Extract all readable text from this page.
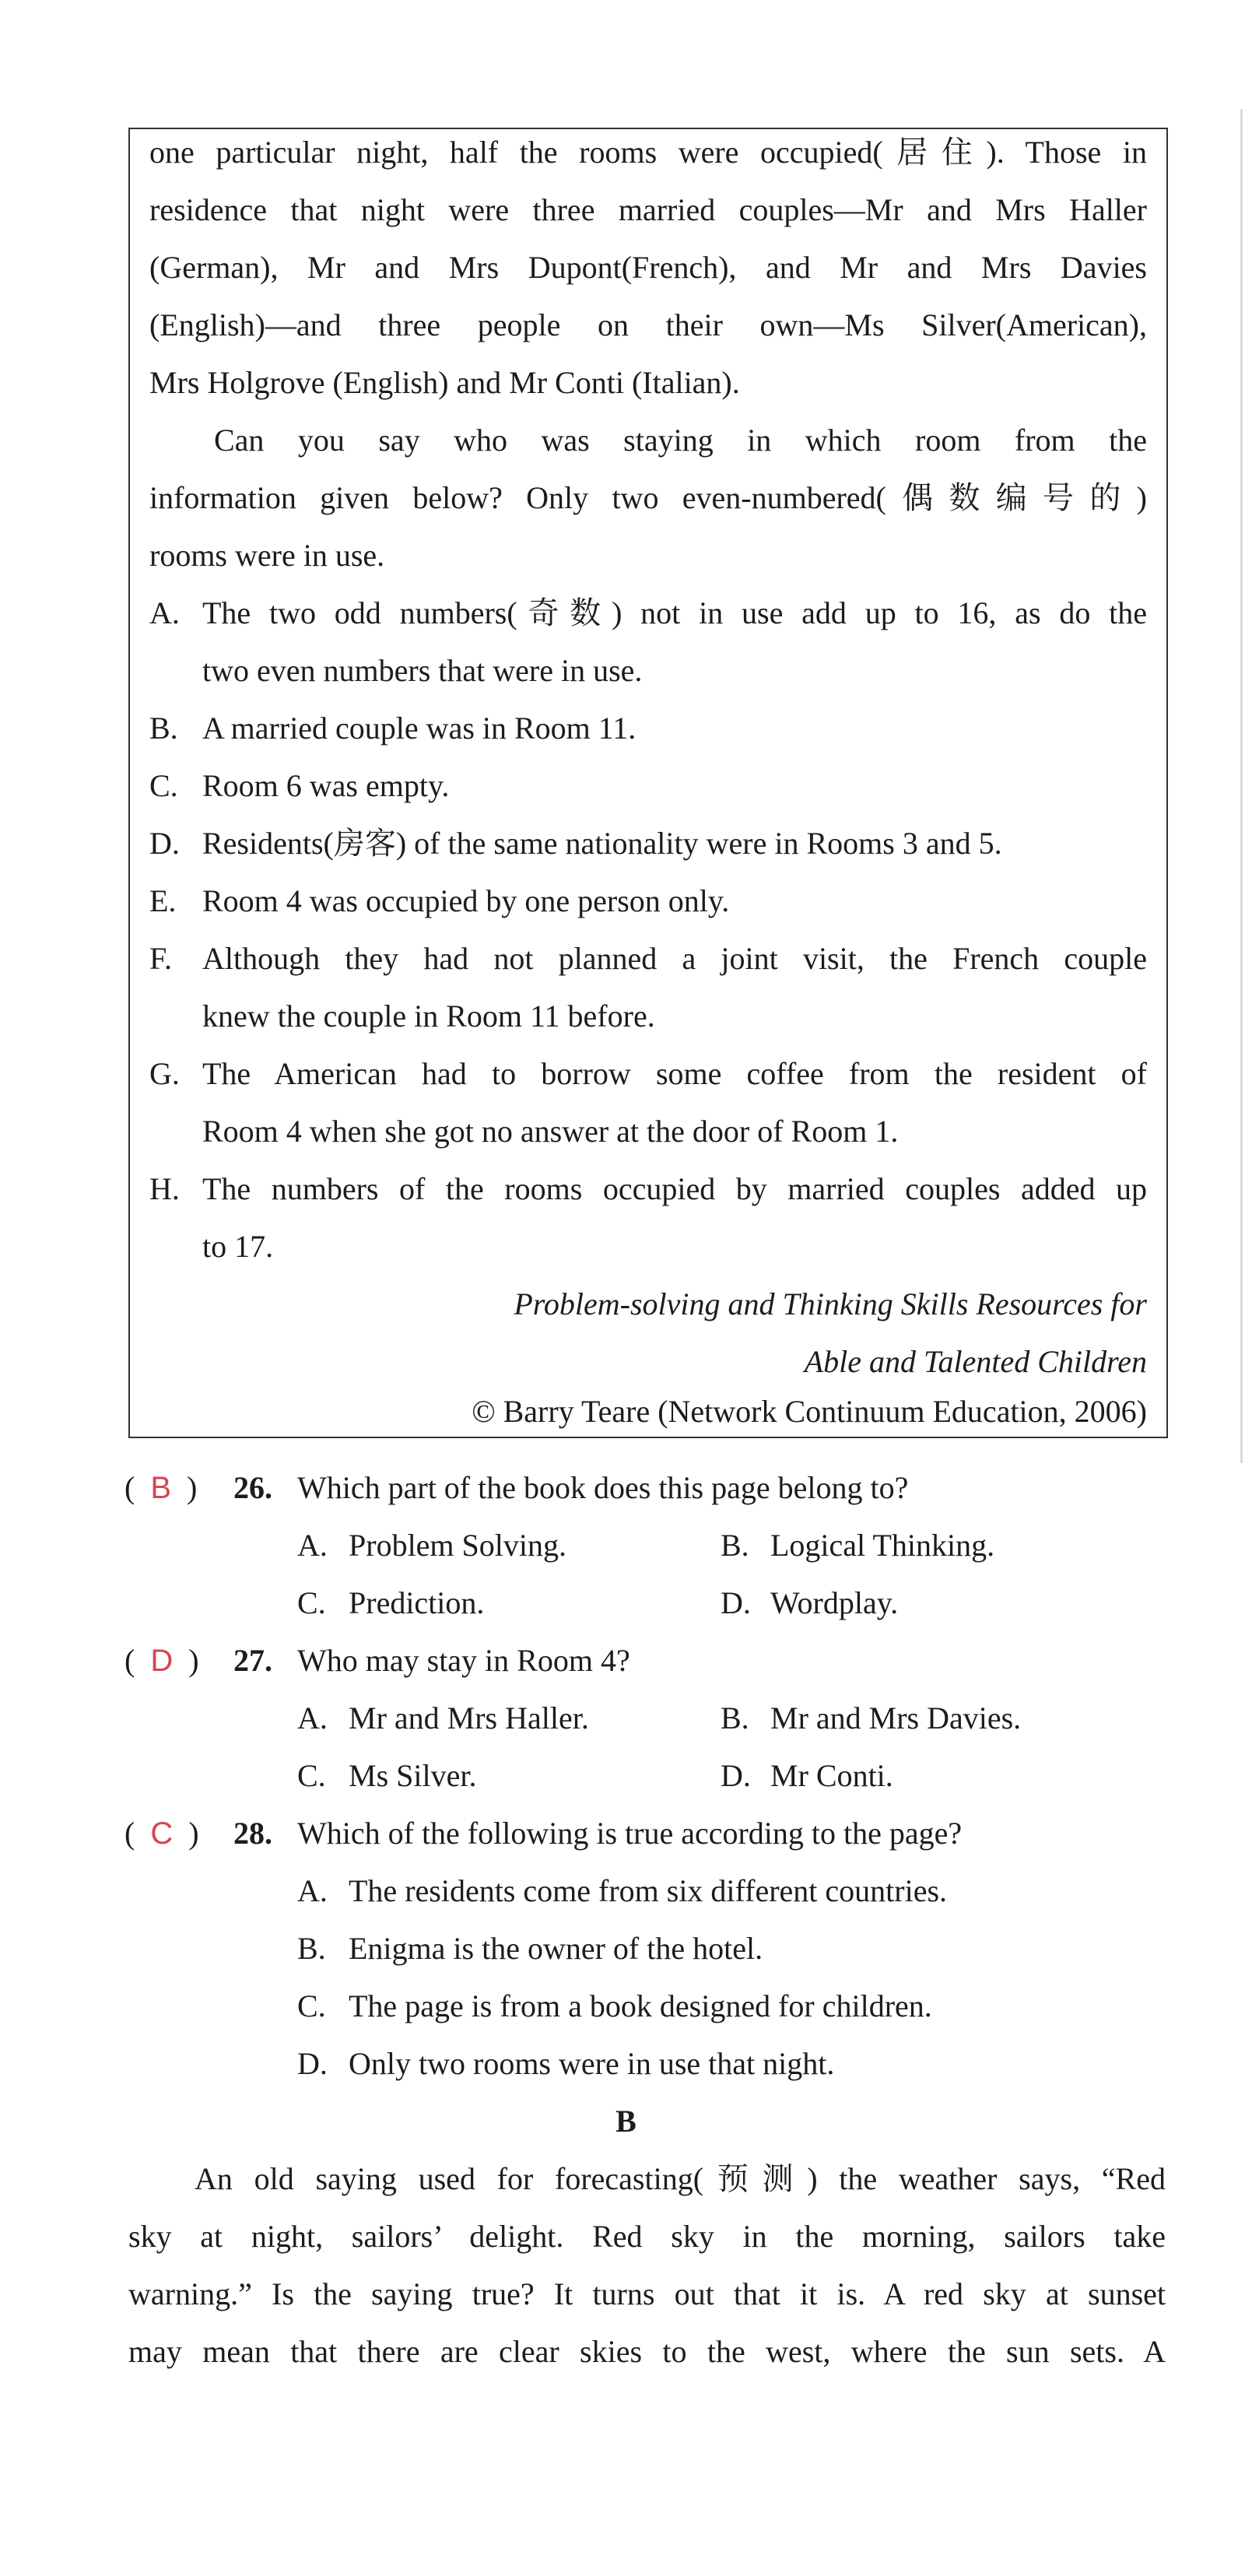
one particular night, half the rooms were occupied(居住). Those in
residence that night were three married couples—Mr and Mrs Haller
(German), Mr and Mrs Dupont(French), and Mr and Mrs Davies
(English)—and three people on their own—Ms Silver(American),
Mrs Holgrove (English) and Mr Conti (Italian).
Can you say who was staying in which room from the
information given below? Only two even-numbered(偶数编号的)
rooms were in use.
A. The two odd numbers(奇数) not in use add up to 16, as do the
two even numbers that were in use.
B. A married couple was in Room 11.
C. Room 6 was empty.
D. Residents(房客) of the same nationality were in Rooms 3 and 5.
E. Room 4 was occupied by one person only.
F. Although they had not planned a joint visit, the French couple
knew the couple in Room 11 before.
G. The American had to borrow some coffee from the resident of
Room 4 when she got no answer at the door of Room 1.
H. The numbers of the rooms occupied by married couples added up
to 17.
Problem-solving and Thinking Skills Resources for
Able and Talented Children
© Barry Teare (Network Continuum Education, 2006)
(  B  ) 26. Which part of the book does this page belong to?
A. Problem Solving.	B. Logical Thinking.
C. Prediction.	D. Wordplay.
(  D  ) 27. Who may stay in Room 4?
A. Mr and Mrs Haller.	B. Mr and Mrs Davies.
C. Ms Silver.	D. Mr Conti.
(  C  ) 28. Which of the following is true according to the page?
A. The residents come from six different countries.
B. Enigma is the owner of the hotel.
C. The page is from a book designed for children.
D. Only two rooms were in use that night.
B
An old saying used for forecasting(预测) the weather says, “Red
sky at night, sailors’ delight. Red sky in the morning, sailors take
warning.” Is the saying true? It turns out that it is. A red sky at sunset
may mean that there are clear skies to the west, where the sun sets. A
